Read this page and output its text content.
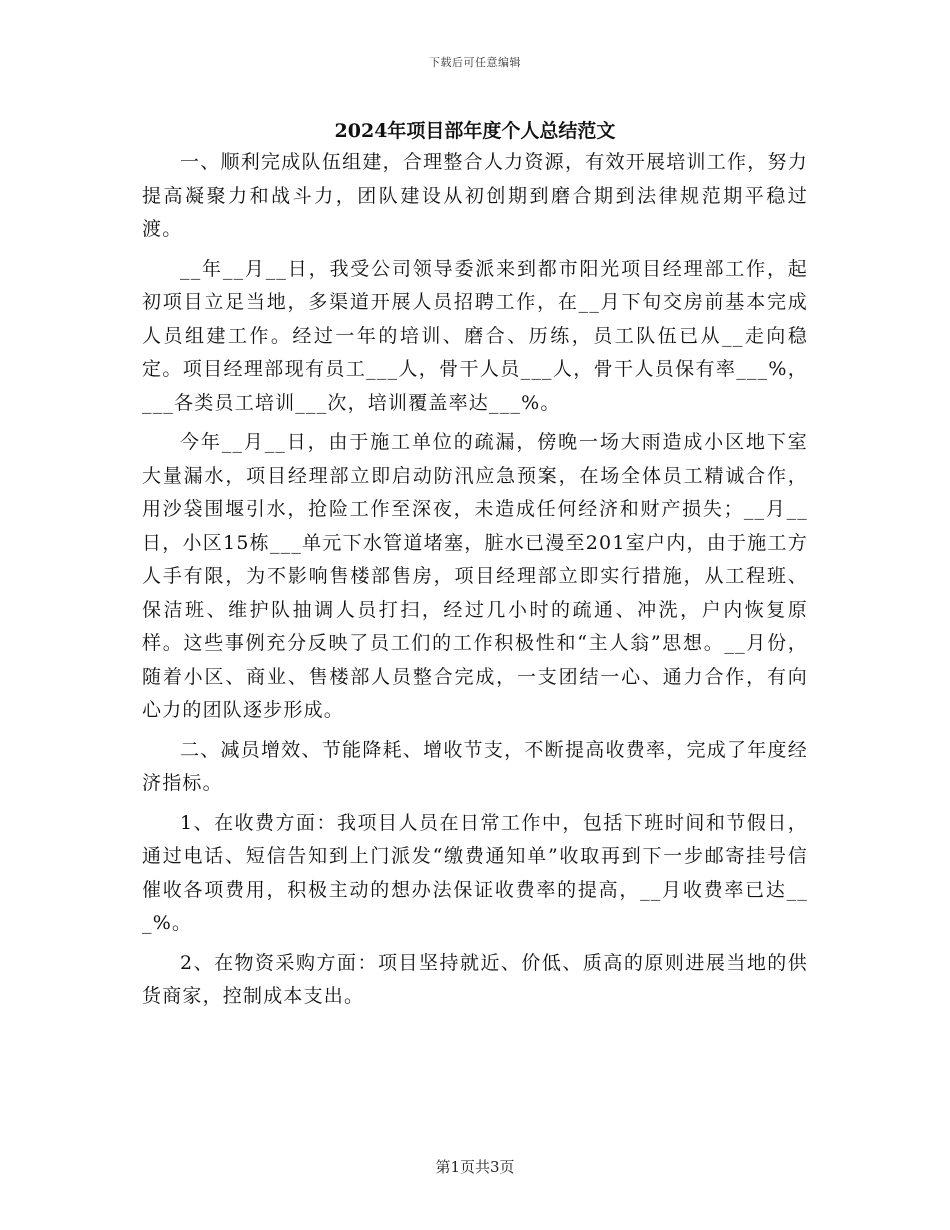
下载后可任意编辑
2024年项目部年度个人总结范文

一、顺利完成队伍组建，合理整合人力资源，有效开展培训工作，努力提高凝聚力和战斗力，团队建设从初创期到磨合期到法律规范期平稳过渡。

__年__月__日，我受公司领导委派来到都市阳光项目经理部工作，起初项目立足当地，多渠道开展人员招聘工作，在__月下旬交房前基本完成人员组建工作。经过一年的培训、磨合、历练，员工队伍已从__走向稳定。项目经理部现有员工___人，骨干人员___人，骨干人员保有率___%，___各类员工培训___次，培训覆盖率达___%。

今年__月__日，由于施工单位的疏漏，傍晚一场大雨造成小区地下室大量漏水，项目经理部立即启动防汛应急预案，在场全体员工精诚合作，用沙袋围堰引水，抢险工作至深夜，未造成任何经济和财产损失；__月__日，小区15栋___单元下水管道堵塞，脏水已漫至201室户内，由于施工方人手有限，为不影响售楼部售房，项目经理部立即实行措施，从工程班、保洁班、维护队抽调人员打扫，经过几小时的疏通、冲洗，户内恢复原样。这些事例充分反映了员工们的工作积极性和“主人翁”思想。__月份，随着小区、商业、售楼部人员整合完成，一支团结一心、通力合作，有向心力的团队逐步形成。

二、减员增效、节能降耗、增收节支，不断提高收费率，完成了年度经济指标。

1、在收费方面：我项目人员在日常工作中，包括下班时间和节假日，通过电话、短信告知到上门派发“缴费通知单”收取再到下一步邮寄挂号信催收各项费用，积极主动的想办法保证收费率的提高，__月收费率已达___%。

2、在物资采购方面：项目坚持就近、价低、质高的原则进展当地的供货商家，控制成本支出。

第1页共3页
